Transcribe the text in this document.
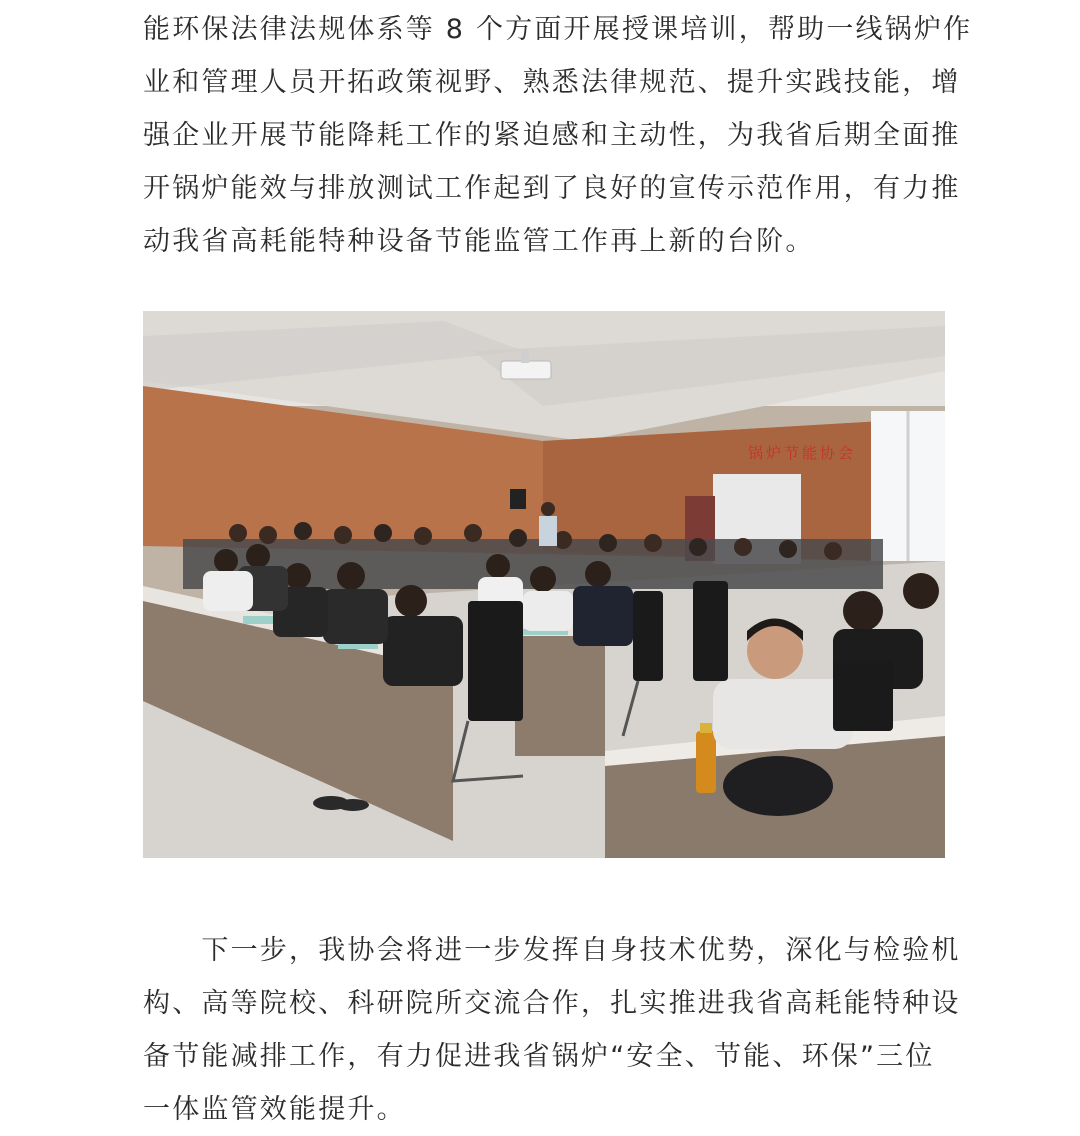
能环保法律法规体系等 8 个方面开展授课培训，帮助一线锅炉作
业和管理人员开拓政策视野、熟悉法律规范、提升实践技能，增
强企业开展节能降耗工作的紧迫感和主动性，为我省后期全面推
开锅炉能效与排放测试工作起到了良好的宣传示范作用，有力推
动我省高耗能特种设备节能监管工作再上新的台阶。
锅炉节能协会
　　下一步，我协会将进一步发挥自身技术优势，深化与检验机
构、高等院校、科研院所交流合作，扎实推进我省高耗能特种设
备节能减排工作，有力促进我省锅炉“安全、节能、环保”三位
一体监管效能提升。
